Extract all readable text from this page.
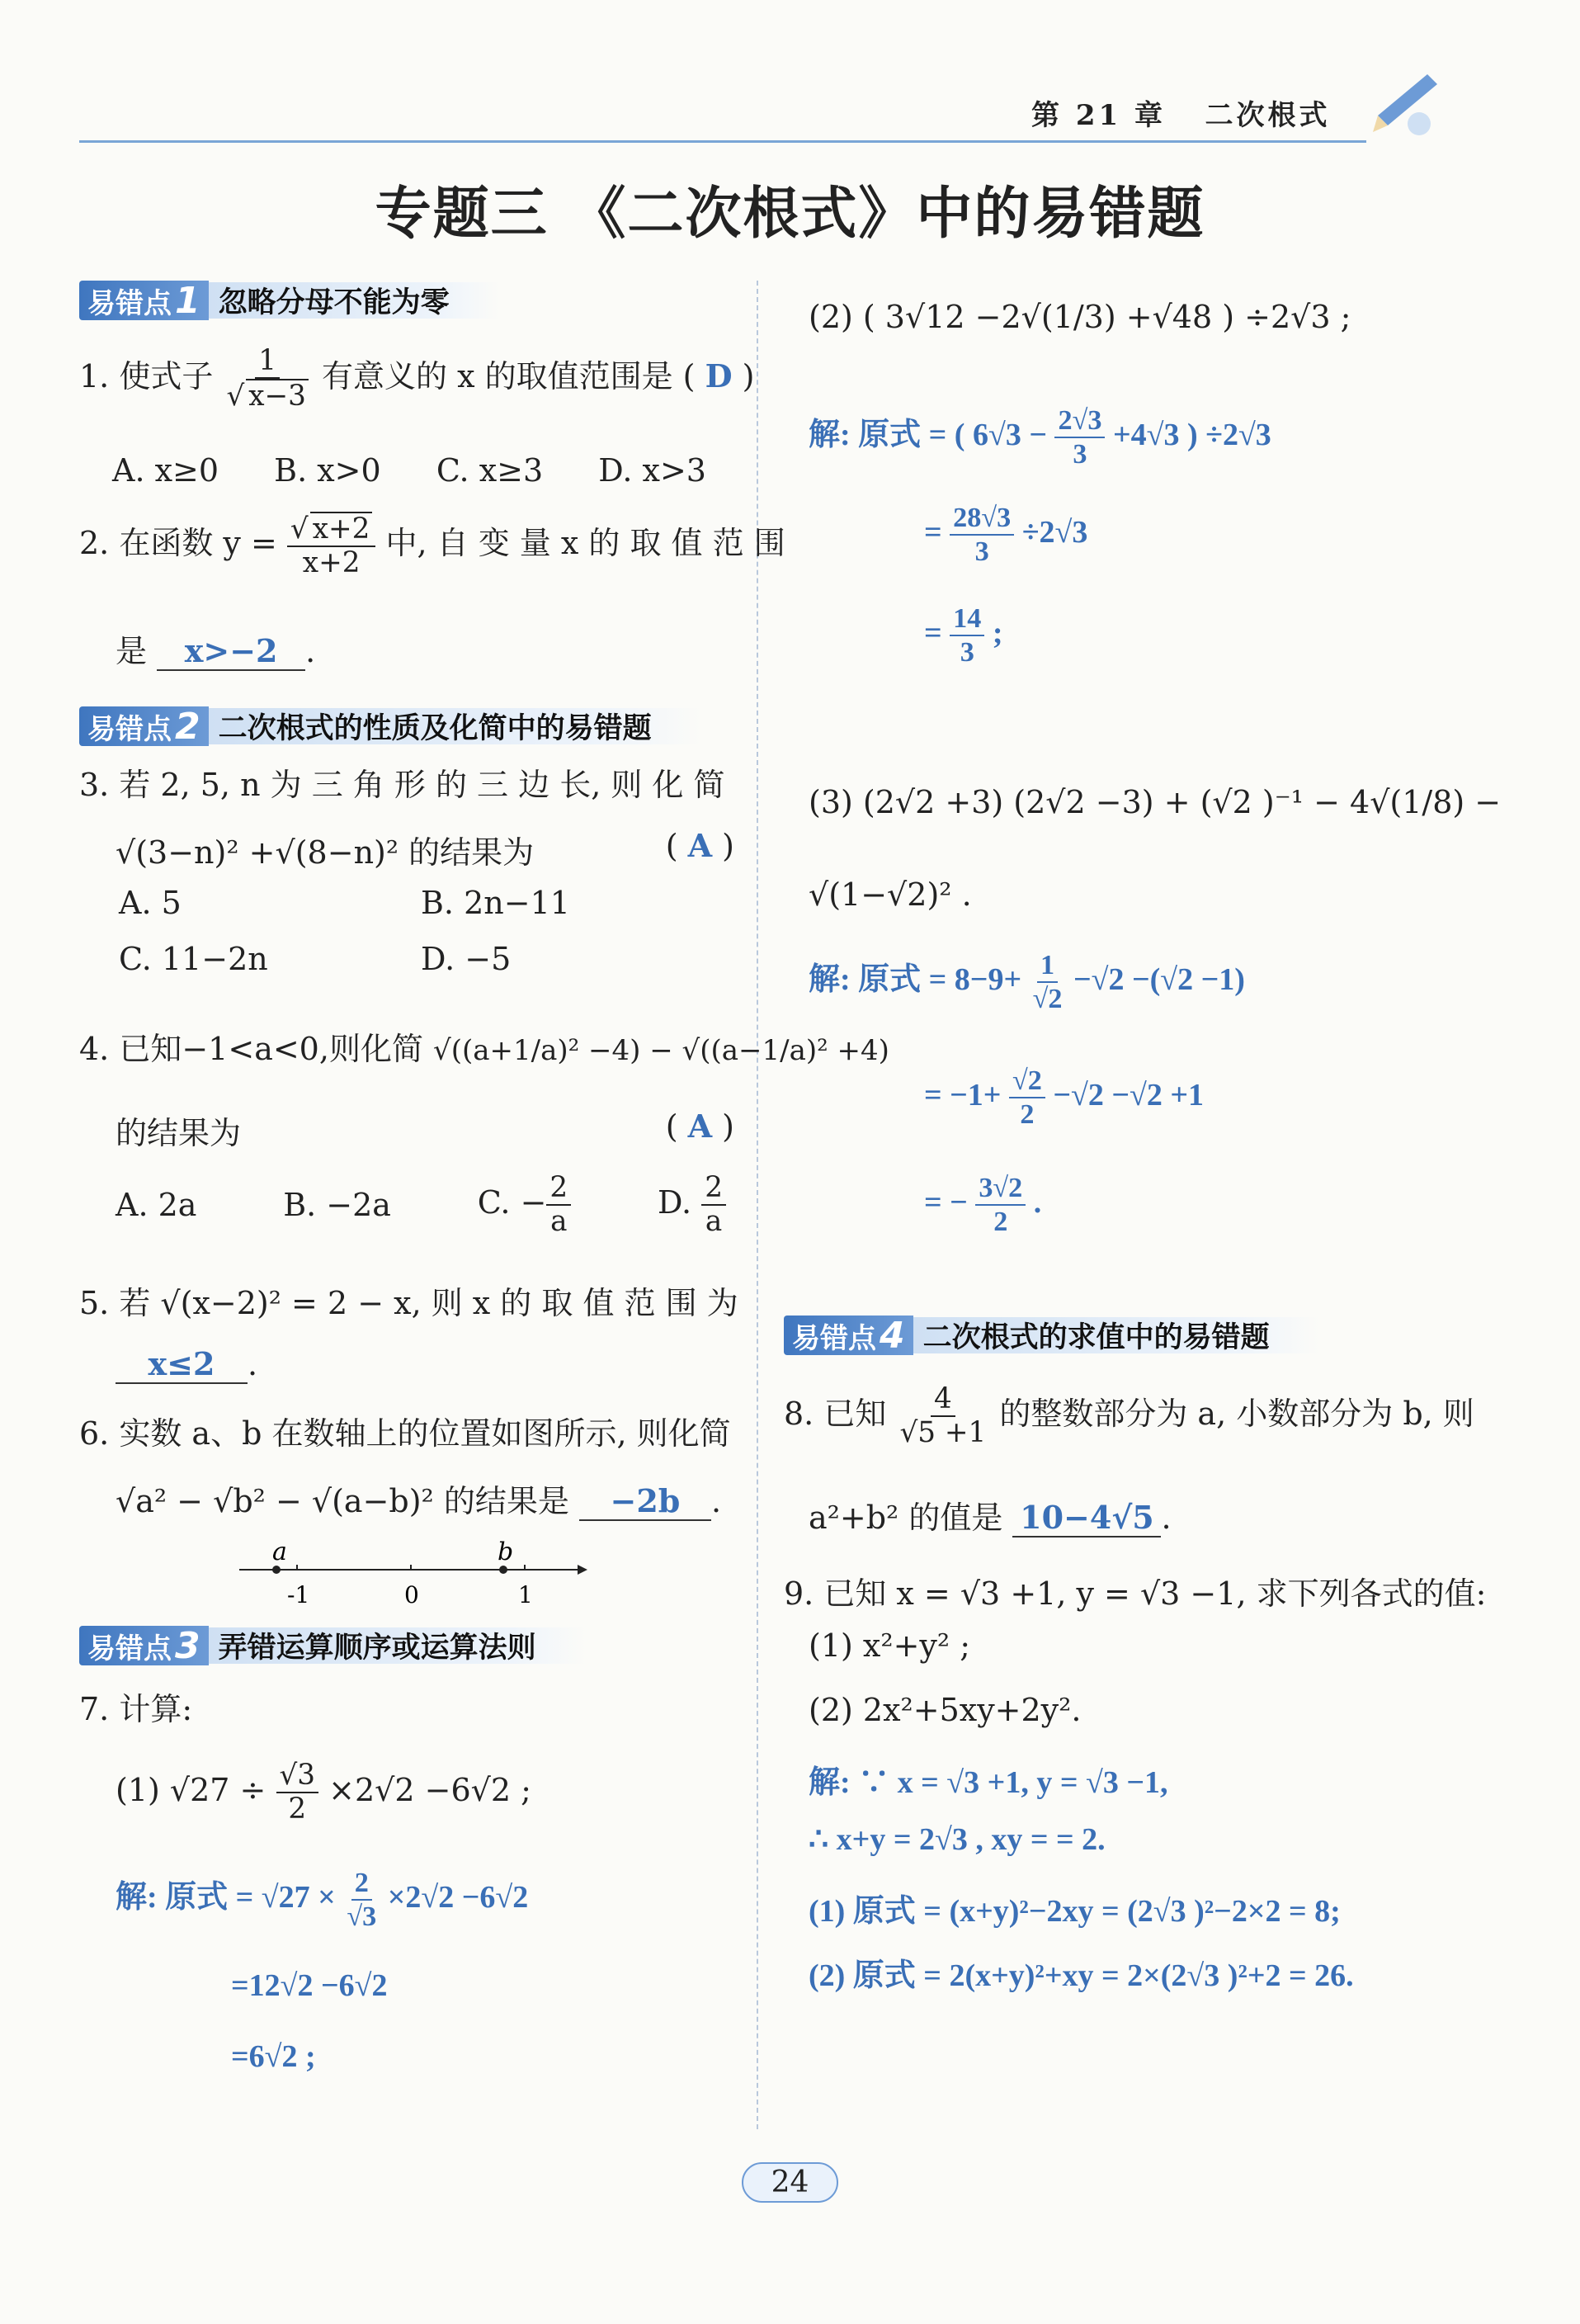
第 21 章 二次根式
专题三 《二次根式》中的易错题
易错点 1 忽略分母不能为零
1. 使式子 $\frac{1}{√ x-3}$ 有意义的 x 的取值范围是 ( D )
A. x≥0 B. x>0 C. x≥3 D. x>3
2. 在函数 $y = \frac{√ x+2}{x+2}$ 中, 自 变 量 x 的 取 值 范 围
是 x>−2 .
易错点 2 二次根式的性质及化简中的易错题
3. 若 2, 5, n 为 三 角 形 的 三 边 长, 则 化 简
√(3−n)² +√(8−n)² 的结果为	( A )
A. 5	B. 2n−11
C. 11−2n	D. −5
4. 已知−1<a<0,则化简 √((a+1/a)² −4) − √((a−1/a)² +4)
的结果为	( A )
A. 2a	B. −2a	C. − $\frac{2}{a}$	D. $\frac{2}{a}$
5. 若 √(x−2)² = 2 − x, 则 x 的 取 值 范 围 为
x≤2 .
6. 实数 a、b 在数轴上的位置如图所示, 则化简
√a² − √b² − √(a−b)² 的结果是 −2b .
a	b
-1	0	1
易错点 3 弄错运算顺序或运算法则
7. 计算:
(1) $√27 \div \frac{√3}{2} \times 2√2 -6√2$ ;
解: 原式 = $√27 \times \frac{2}{√3} \times 2√2 -6√2$
=12√2 −6√2
=6√2 ;
(2) ( 3√12 −2√(1/3) +√48 ) ÷2√3 ;
解: 原式 = ( $6√3 - \frac{2√3}{3} +4√3$ ) ÷2√3
= $\frac{28√3}{3} \div 2√3$
= $\frac{14}{3}$ ;
(3) (2√2 +3) (2√2 −3) + (√2 )⁻¹ − 4√(1/8) −
√(1−√2)² .
解: 原式 = $8-9+ \frac{1}{√2} -√2 -(√2 -1)$
= $-1+ \frac{√2}{2} -√2 -√2 +1$
= − $\frac{3√2}{2}$ .
易错点 4 二次根式的求值中的易错题
8. 已知 $\frac{4}{√5 +1}$ 的整数部分为 a, 小数部分为 b, 则
a²+b² 的值是 10−4√5 .
9. 已知 x = √3 +1, y = √3 −1, 求下列各式的值:
(1) x²+y² ;
(2) 2x²+5xy+2y².
解: ∵ x = √3 +1, y = √3 −1,
∴ x+y = 2√3 , xy = = 2.
(1) 原式 = (x+y)²−2xy = (2√3 )²−2×2 = 8;
(2) 原式 = 2(x+y)²+xy = 2×(2√3 )²+2 = 26.
24
